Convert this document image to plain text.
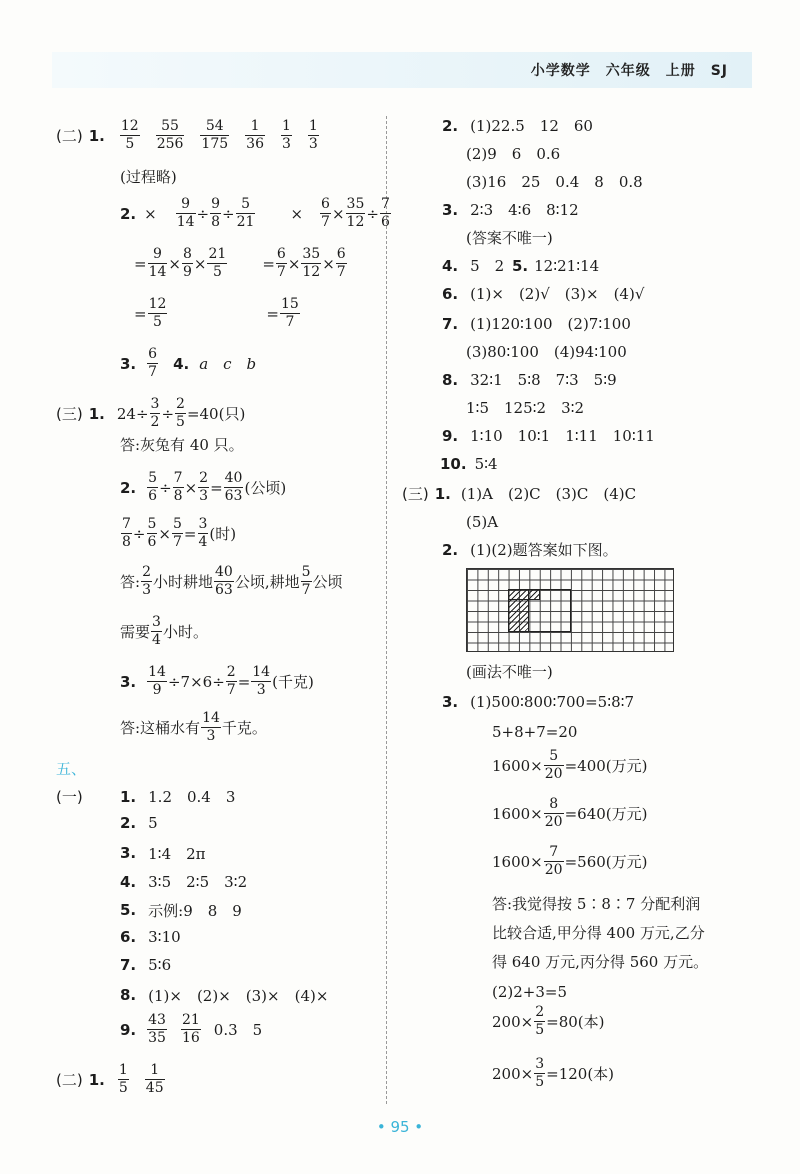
小学数学　六年级　上册　SJ
• 95 •
(二) 1. $\frac{12}{5} \frac{55}{256} \frac{54}{175} \frac{1}{36} \frac{1}{3} \frac{1}{3}$
(过程略)
2. × $\frac{9}{14} \div \frac{9}{8} \div \frac{5}{21} \times \frac{6}{7} \times \frac{35}{12} \div \frac{7}{6}$
= $\frac{9}{14} \times \frac{8}{9} \times \frac{21}{5} = \frac{6}{7} \times \frac{35}{12} \times \frac{6}{7}$
= $\frac{12}{5}$	= $\frac{15}{7}$
3. $\frac{6}{7} 4$. a　c　b
(三) 1. $24\div \frac{3}{2} \div \frac{2}{5} =40$(只)
答:灰兔有 40 只。
2. $\frac{5}{6} \div \frac{7}{8} \times \frac{2}{3} = \frac{40}{63}$ (公顷)
$\frac{7}{8} \div \frac{5}{6} \times \frac{5}{7} = \frac{3}{4}$ (时)
答: $\frac{2}{3}$ 小时耕地 $\frac{40}{63}$ 公顷,耕地 $\frac{5}{7}$ 公顷
需要 $\frac{3}{4}$ 小时。
3. $\frac{14}{9} \div 7\times 6\div \frac{2}{7} = \frac{14}{3}$ (千克)
答:这桶水有 $\frac{14}{3}$ 千克。
五、
(一) 1. 1.2　0.4　3
2. 5
3. 1∶4　2π
4. 3∶5　2∶5　3∶2
5. 示例:9　8　9
6. 3∶10
7. 5∶6
8. (1)×　(2)×　(3)×　(4)×
9. $\frac{43}{35} \frac{21}{16} 0.3$　5
(二) 1. $\frac{1}{5} \frac{1}{45}$
2. (1)22.5　12　60
(2)9　6　0.6
(3)16　25　0.4　8　0.8
3. 2∶3　4∶6　8∶12
(答案不唯一)
4. 5　2
6. (1)×　(2)√　(3)×　(4)√
7. (1)120∶100　(2)7∶100
(3)80∶100　(4)94∶100
8. 32∶1　5∶8　7∶3　5∶9
1∶5　125∶2　3∶2
9. 1∶10　10∶1　1∶11　10∶11
10. 5∶4
5. 12∶21∶14
(三) 1. (1)A　(2)C　(3)C　(4)C
(5)A
2. (1)(2)题答案如下图。
(画法不唯一)
3. (1)500∶800∶700=5∶8∶7
5+8+7=20
$1600\times \frac{5}{20} =400$(万元)
$1600\times \frac{8}{20} =640$(万元)
$1600\times \frac{7}{20} =560$(万元)
答:我觉得按 5∶8∶7 分配利润
比较合适,甲分得 400 万元,乙分
得 640 万元,丙分得 560 万元。
(2)2+3=5
$200\times \frac{2}{5} =80$(本)
$200\times \frac{3}{5} =120$(本)
